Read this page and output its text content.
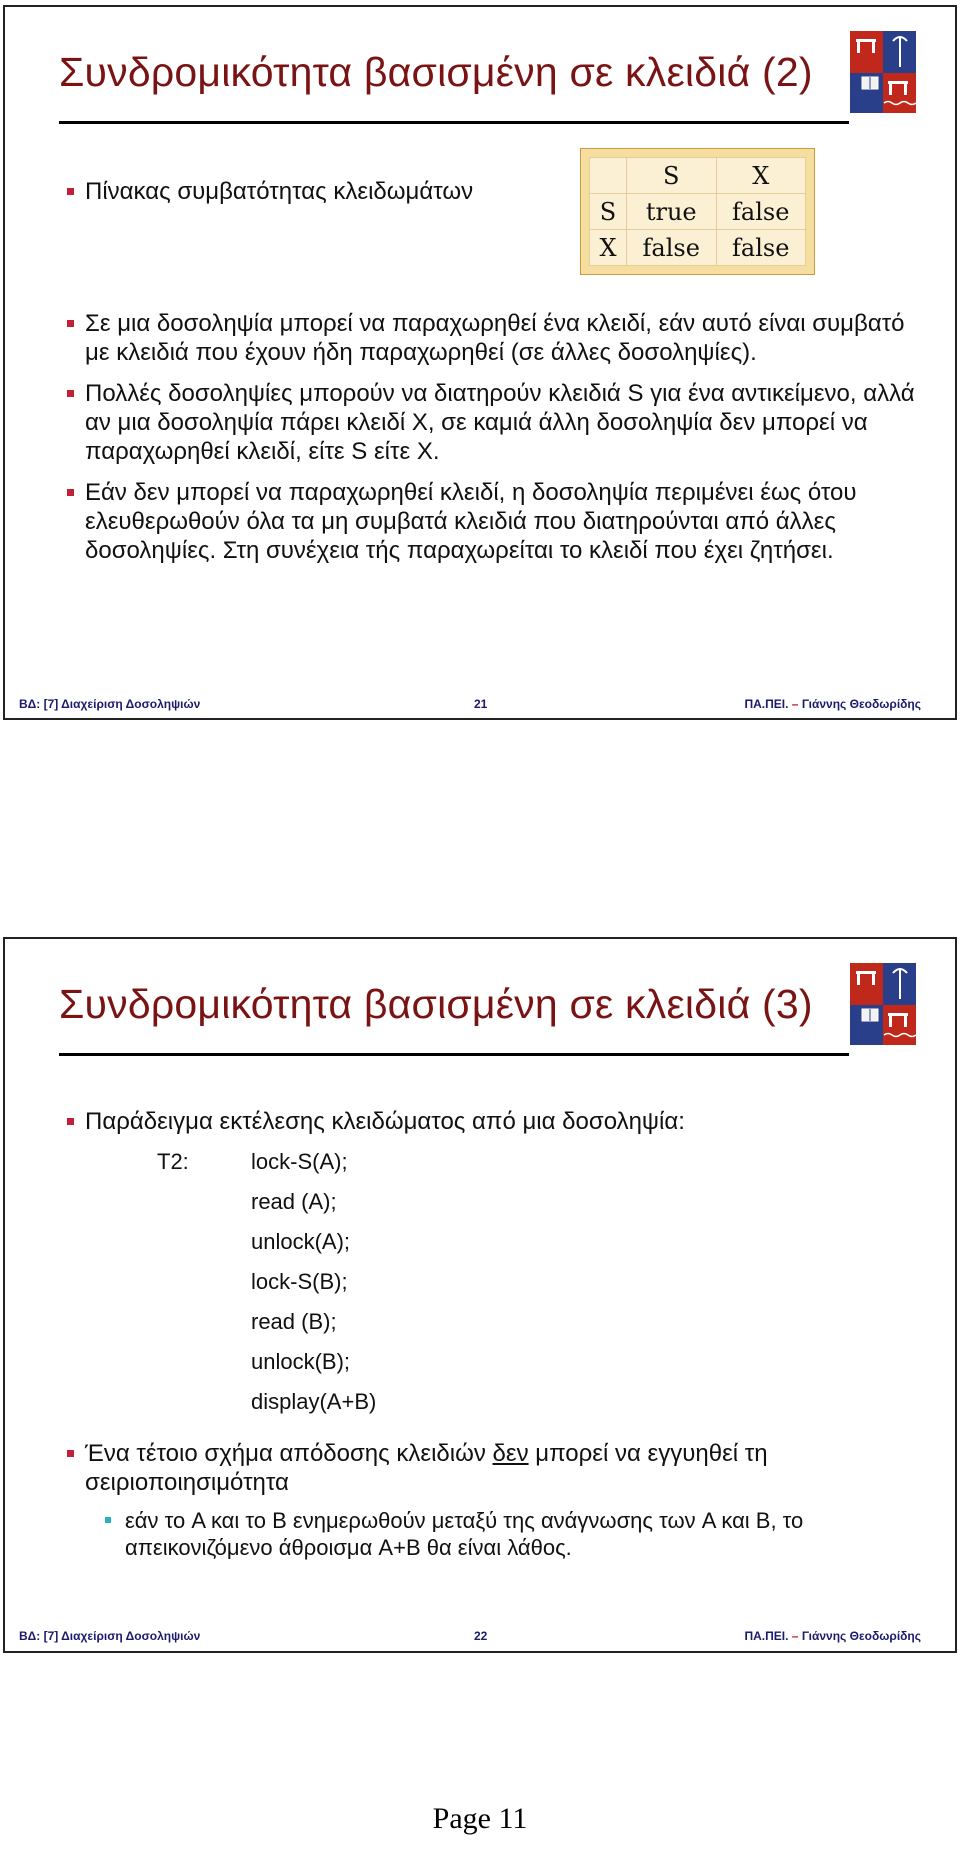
Συνδρομικότητα βασισμένη σε κλειδιά (2)
Πίνακας συμβατότητας κλειδωμάτων
	S	X
S	true	false
X	false	false
Σε μια δοσοληψία μπορεί να παραχωρηθεί ένα κλειδί, εάν αυτό είναι συμβατό με κλειδιά που έχουν ήδη παραχωρηθεί (σε άλλες δοσοληψίες).
Πολλές δοσοληψίες μπορούν να διατηρούν κλειδιά S για ένα αντικείμενο, αλλά αν μια δοσοληψία πάρει κλειδί X, σε καμιά άλλη δοσοληψία δεν μπορεί να παραχωρηθεί κλειδί, είτε S είτε X.
Εάν δεν μπορεί να παραχωρηθεί κλειδί, η δοσοληψία περιμένει έως ότου ελευθερωθούν όλα τα μη συμβατά κλειδιά που διατηρούνται από άλλες δοσοληψίες. Στη συνέχεια τής παραχωρείται το κλειδί που έχει ζητήσει.
ΒΔ: [7] Διαχείριση Δοσοληψιών	21	ΠΑ.ΠΕΙ. – Γιάννης Θεοδωρίδης
Συνδρομικότητα βασισμένη σε κλειδιά (3)
Παράδειγμα εκτέλεσης κλειδώματος από μια δοσοληψία:
T2:	lock-S(A);
read (A);
unlock(A);
lock-S(B);
read (B);
unlock(B);
display(A+B)
Ένα τέτοιο σχήμα απόδοσης κλειδιών δεν μπορεί να εγγυηθεί τη σειριοποιησιμότητα
εάν το A και το B ενημερωθούν μεταξύ της ανάγνωσης των A και B, το απεικονιζόμενο άθροισμα A+B θα είναι λάθος.
ΒΔ: [7] Διαχείριση Δοσοληψιών	22	ΠΑ.ΠΕΙ. – Γιάννης Θεοδωρίδης
Page 11
